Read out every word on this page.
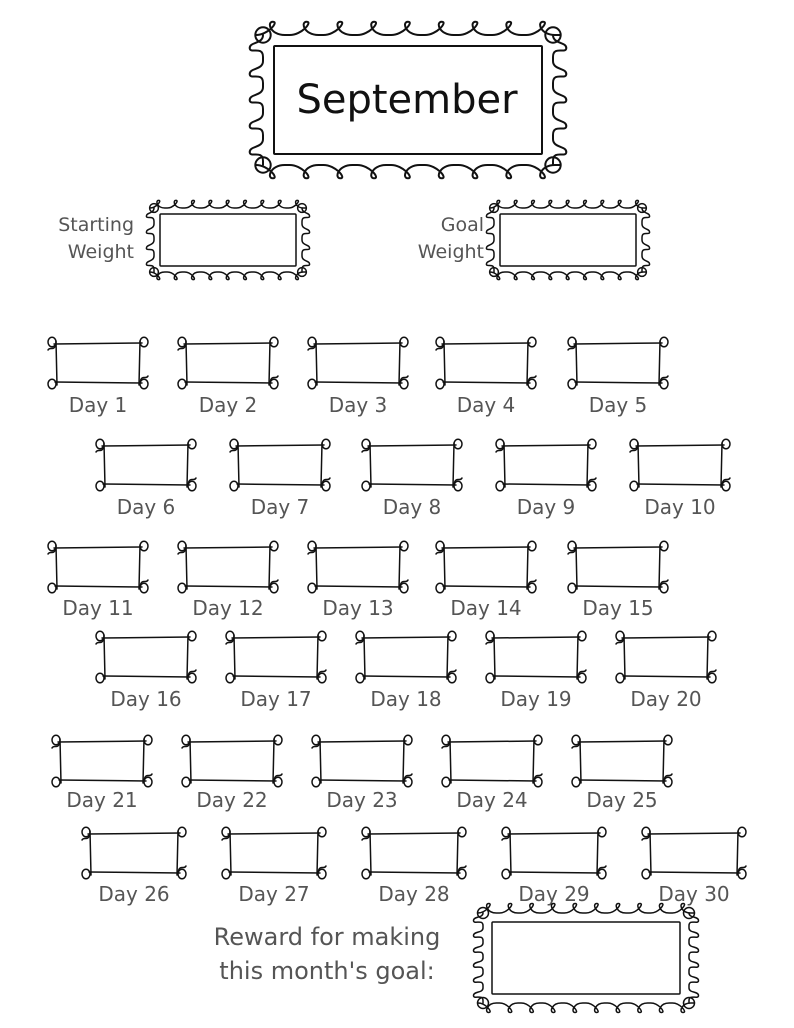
September
Starting
Weight
Goal
Weight
Day 1	Day 2	Day 3	Day 4	Day 5
Day 6	Day 7	Day 8	Day 9	Day 10
Day 11	Day 12	Day 13	Day 14	Day 15
Day 16	Day 17	Day 18	Day 19	Day 20
Day 21	Day 22	Day 23	Day 24	Day 25
Day 26	Day 27	Day 28	Day 29	Day 30
Reward for making
this month's goal:
